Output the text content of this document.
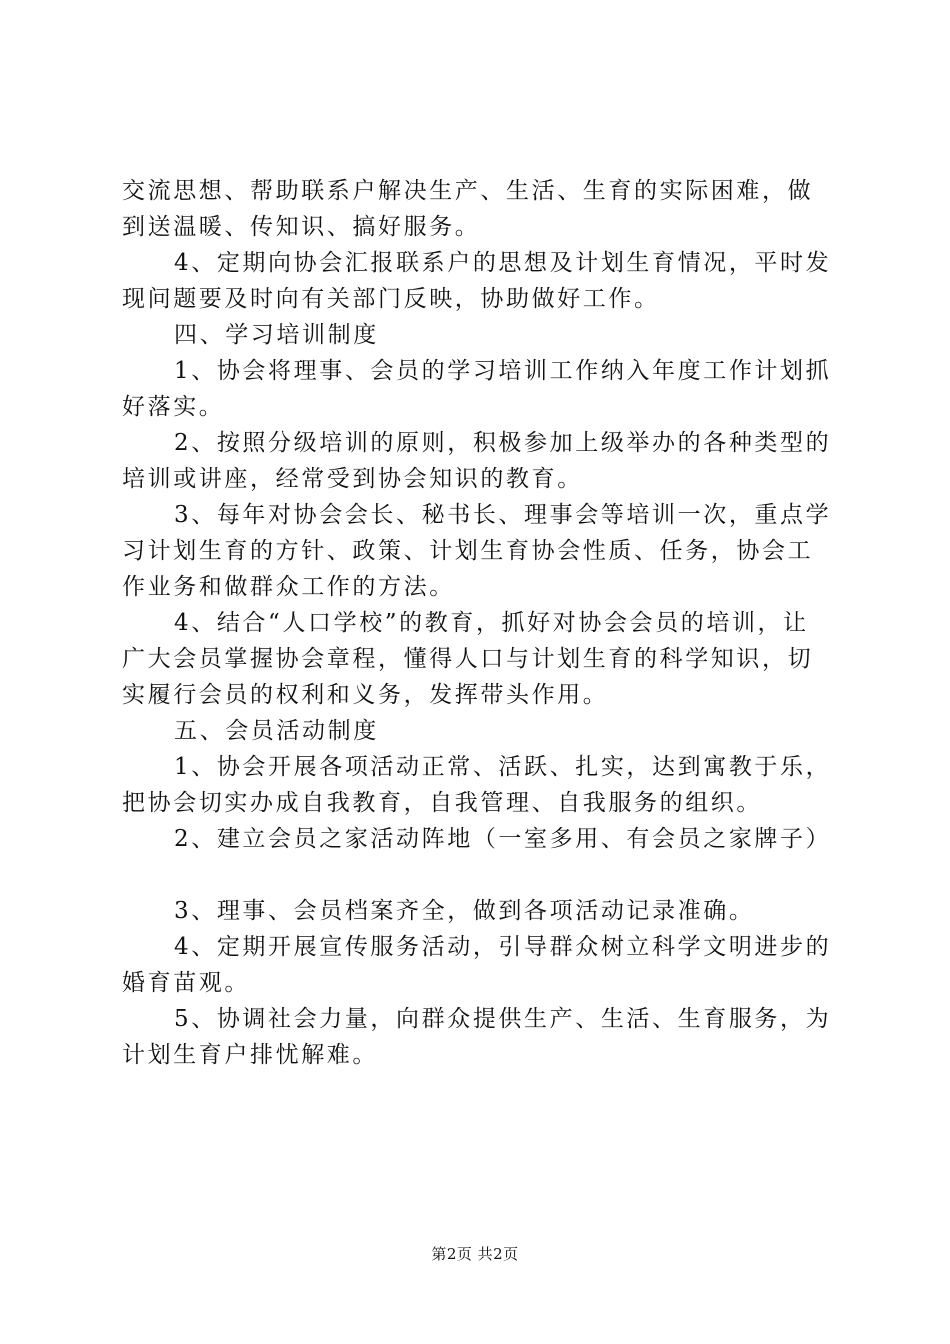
交流思想、帮助联系户解决生产、生活、生育的实际困难，做
到送温暖、传知识、搞好服务。
4、定期向协会汇报联系户的思想及计划生育情况，平时发
现问题要及时向有关部门反映，协助做好工作。
四、学习培训制度
1、协会将理事、会员的学习培训工作纳入年度工作计划抓
好落实。
2、按照分级培训的原则，积极参加上级举办的各种类型的
培训或讲座，经常受到协会知识的教育。
3、每年对协会会长、秘书长、理事会等培训一次，重点学
习计划生育的方针、政策、计划生育协会性质、任务，协会工
作业务和做群众工作的方法。
4、结合“人口学校”的教育，抓好对协会会员的培训，让
广大会员掌握协会章程，懂得人口与计划生育的科学知识，切
实履行会员的权利和义务，发挥带头作用。
五、会员活动制度
1、协会开展各项活动正常、活跃、扎实，达到寓教于乐，
把协会切实办成自我教育，自我管理、自我服务的组织。
2、建立会员之家活动阵地（一室多用、有会员之家牌子）
3、理事、会员档案齐全，做到各项活动记录准确。
4、定期开展宣传服务活动，引导群众树立科学文明进步的
婚育苗观。
5、协调社会力量，向群众提供生产、生活、生育服务，为
计划生育户排忧解难。
第2页 共2页
